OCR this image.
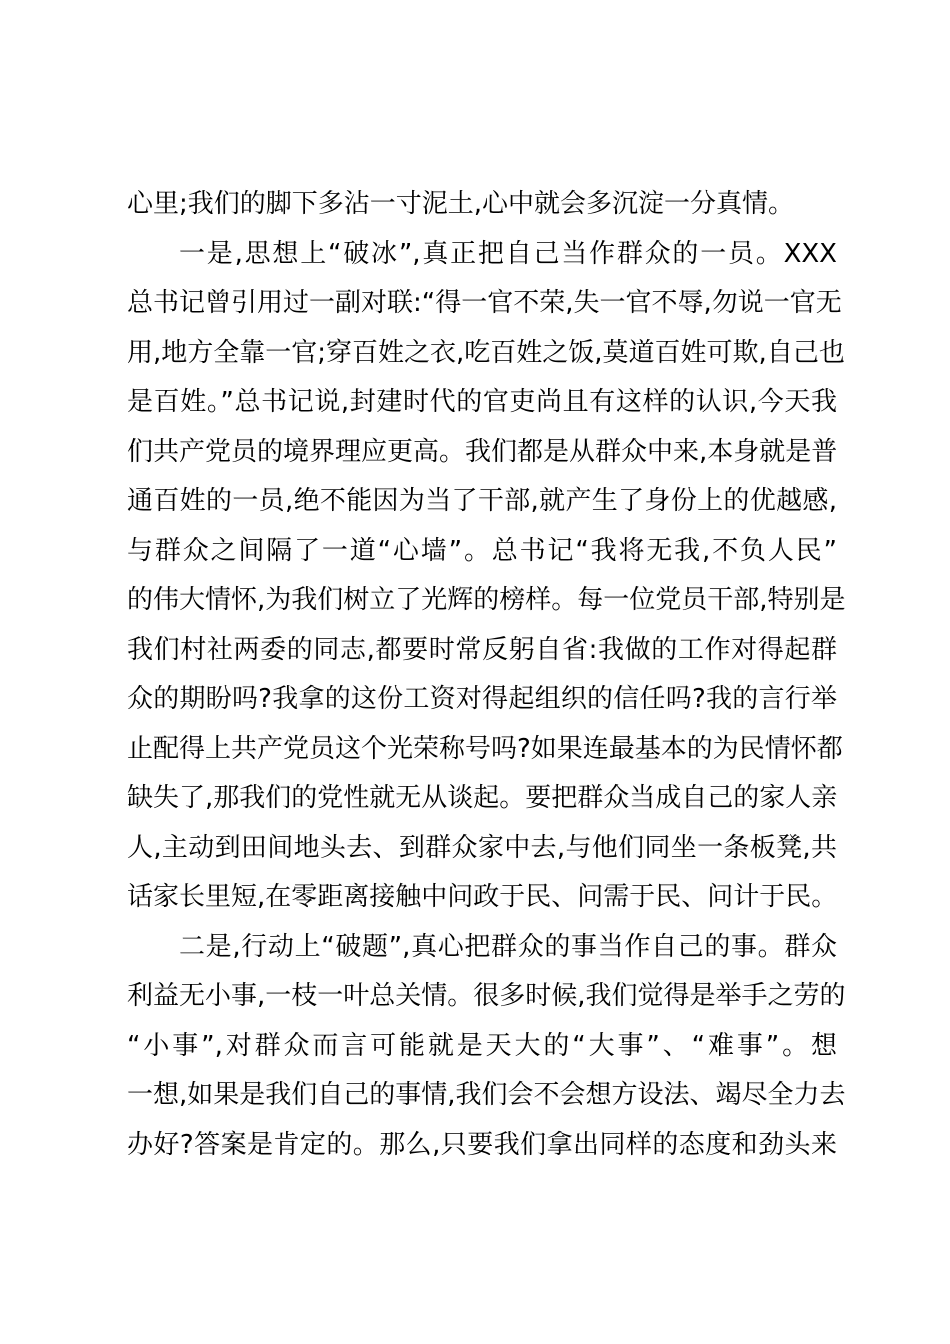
心里;我们的脚下多沾一寸泥土,心中就会多沉淀一分真情。
一是,思想上“破冰”,真正把自己当作群众的一员。XXX
总书记曾引用过一副对联:“得一官不荣,失一官不辱,勿说一官无
用,地方全靠一官;穿百姓之衣,吃百姓之饭,莫道百姓可欺,自己也
是百姓。”总书记说,封建时代的官吏尚且有这样的认识,今天我
们共产党员的境界理应更高。我们都是从群众中来,本身就是普
通百姓的一员,绝不能因为当了干部,就产生了身份上的优越感,
与群众之间隔了一道“心墙”。总书记“我将无我,不负人民”
的伟大情怀,为我们树立了光辉的榜样。每一位党员干部,特别是
我们村社两委的同志,都要时常反躬自省:我做的工作对得起群
众的期盼吗?我拿的这份工资对得起组织的信任吗?我的言行举
止配得上共产党员这个光荣称号吗?如果连最基本的为民情怀都
缺失了,那我们的党性就无从谈起。要把群众当成自己的家人亲
人,主动到田间地头去、到群众家中去,与他们同坐一条板凳,共
话家长里短,在零距离接触中问政于民、问需于民、问计于民。
二是,行动上“破题”,真心把群众的事当作自己的事。群众
利益无小事,一枝一叶总关情。很多时候,我们觉得是举手之劳的
“小事”,对群众而言可能就是天大的“大事”、“难事”。想
一想,如果是我们自己的事情,我们会不会想方设法、竭尽全力去
办好?答案是肯定的。那么,只要我们拿出同样的态度和劲头来
